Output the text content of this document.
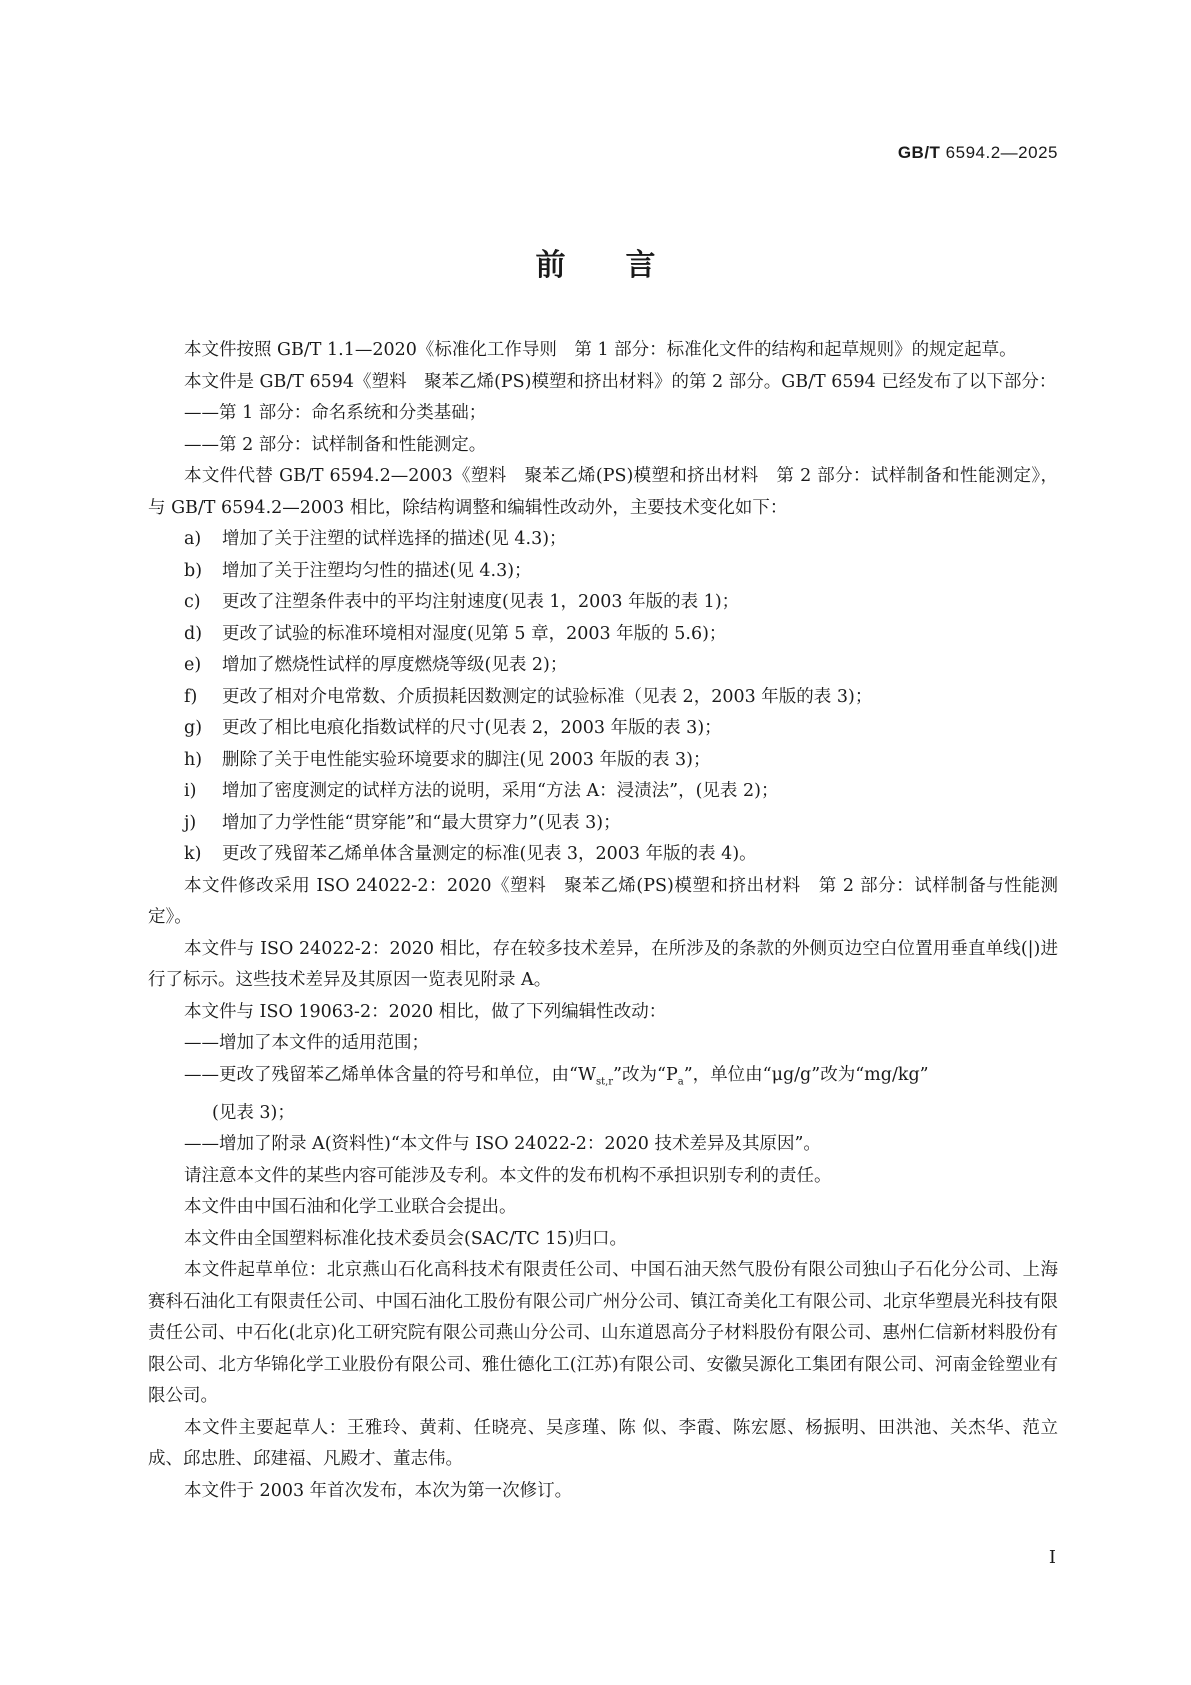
GB/T 6594.2—2025
前言

本文件按照 GB/T 1.1—2020《标准化工作导则　第 1 部分：标准化文件的结构和起草规则》的规定起草。

本文件是 GB/T 6594《塑料　聚苯乙烯(PS)模塑和挤出材料》的第 2 部分。GB/T 6594 已经发布了以下部分：

——第 1 部分：命名系统和分类基础；

——第 2 部分：试样制备和性能测定。

本文件代替 GB/T 6594.2—2003《塑料　聚苯乙烯(PS)模塑和挤出材料　第 2 部分：试样制备和性能测定》，与 GB/T 6594.2—2003 相比，除结构调整和编辑性改动外，主要技术变化如下：

a)	增加了关于注塑的试样选择的描述(见 4.3)；

b)	增加了关于注塑均匀性的描述(见 4.3)；

c)	更改了注塑条件表中的平均注射速度(见表 1，2003 年版的表 1)；

d)	更改了试验的标准环境相对湿度(见第 5 章，2003 年版的 5.6)；

e)	增加了燃烧性试样的厚度燃烧等级(见表 2)；

f)	更改了相对介电常数、介质损耗因数测定的试验标准（见表 2，2003 年版的表 3)；

g)	更改了相比电痕化指数试样的尺寸(见表 2，2003 年版的表 3)；

h)	删除了关于电性能实验环境要求的脚注(见 2003 年版的表 3)；

i)	增加了密度测定的试样方法的说明，采用“方法 A：浸渍法”，(见表 2)；

j)	增加了力学性能“贯穿能”和“最大贯穿力”(见表 3)；

k)	更改了残留苯乙烯单体含量测定的标准(见表 3，2003 年版的表 4)。

本文件修改采用 ISO 24022-2：2020《塑料　聚苯乙烯(PS)模塑和挤出材料　第 2 部分：试样制备与性能测定》。

本文件与 ISO 24022-2：2020 相比，存在较多技术差异，在所涉及的条款的外侧页边空白位置用垂直单线(|)进行了标示。这些技术差异及其原因一览表见附录 A。

本文件与 ISO 19063-2：2020 相比，做了下列编辑性改动：

——增加了本文件的适用范围；

——更改了残留苯乙烯单体含量的符号和单位，由“$W_{st,r}$”改为“$P_a$”，单位由“μg/g”改为“mg/kg”

(见表 3)；

——增加了附录 A(资料性)“本文件与 ISO 24022-2：2020 技术差异及其原因”。

请注意本文件的某些内容可能涉及专利。本文件的发布机构不承担识别专利的责任。

本文件由中国石油和化学工业联合会提出。

本文件由全国塑料标准化技术委员会(SAC/TC 15)归口。

本文件起草单位：北京燕山石化高科技术有限责任公司、中国石油天然气股份有限公司独山子石化分公司、上海赛科石油化工有限责任公司、中国石油化工股份有限公司广州分公司、镇江奇美化工有限公司、北京华塑晨光科技有限责任公司、中石化(北京)化工研究院有限公司燕山分公司、山东道恩高分子材料股份有限公司、惠州仁信新材料股份有限公司、北方华锦化学工业股份有限公司、雅仕德化工(江苏)有限公司、安徽吴源化工集团有限公司、河南金铨塑业有限公司。

本文件主要起草人：王雅玲、黄莉、任晓亮、吴彦瑾、陈 似、李霞、陈宏愿、杨振明、田洪池、关杰华、范立成、邱忠胜、邱建福、凡殿才、董志伟。

本文件于 2003 年首次发布，本次为第一次修订。

I
